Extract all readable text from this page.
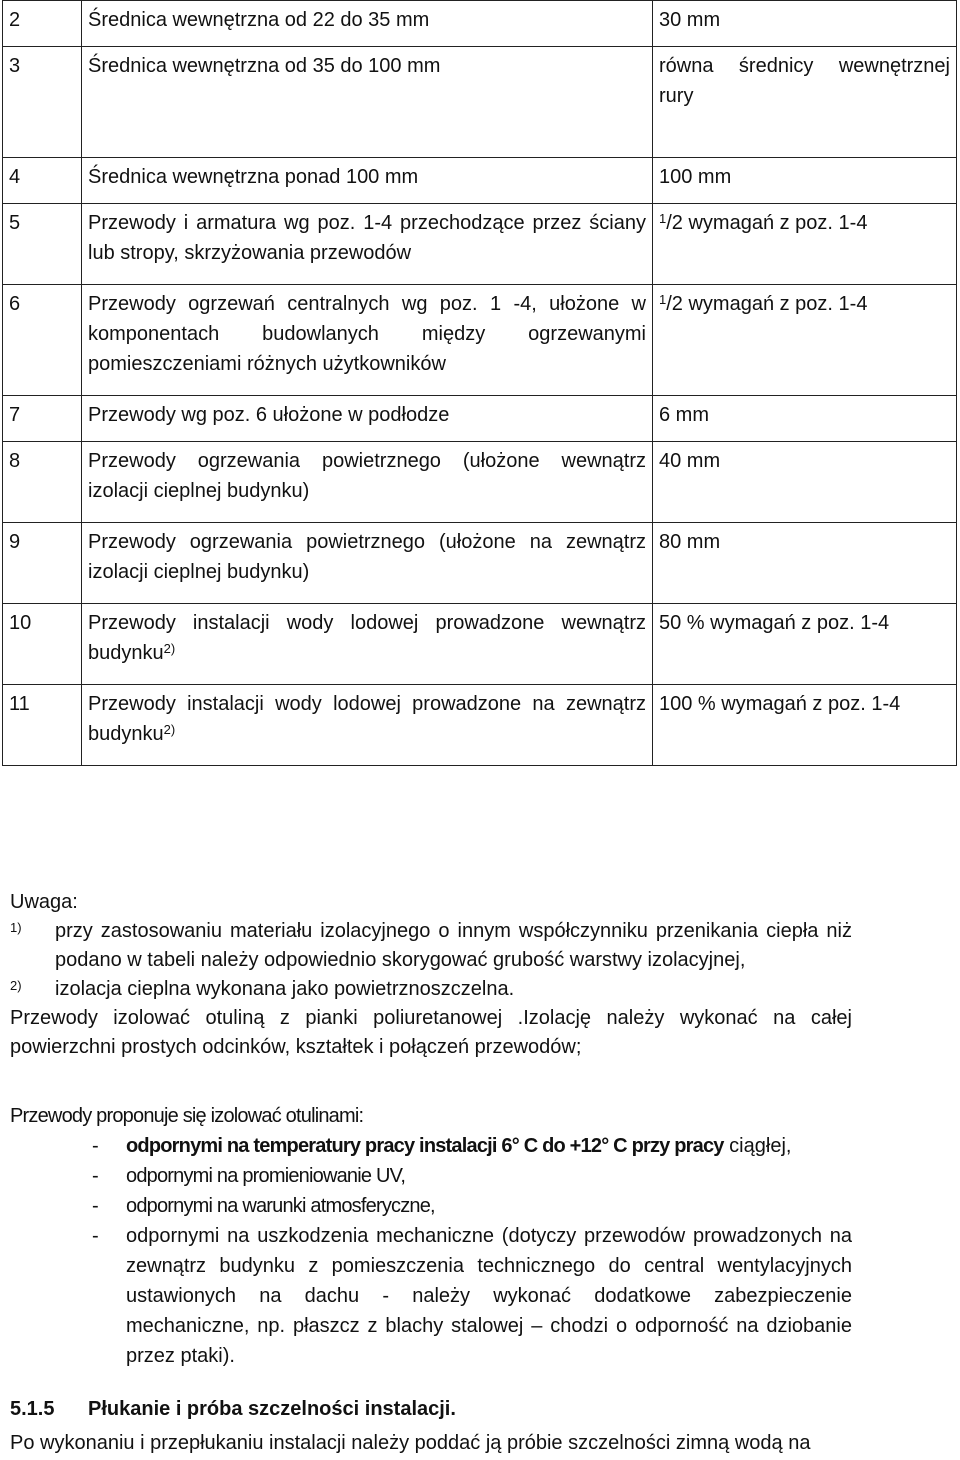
2	Średnica wewnętrzna od 22 do 35 mm	30 mm
3	Średnica wewnętrzna od 35 do 100 mm	równa średnicy wewnętrznej rury

4	Średnica wewnętrzna ponad 100 mm	100 mm
5	Przewody i armatura wg poz. 1-4 przechodzące przez ściany lub stropy, skrzyżowania przewodów	$^1$/2 wymagań z poz. 1-4
6	Przewody ogrzewań centralnych wg poz. 1 -4, ułożone w komponentach budowlanych między ogrzewanymi pomieszczeniami różnych użytkowników	$^1$/2 wymagań z poz. 1-4
7	Przewody wg poz. 6 ułożone w podłodze	6 mm
8	Przewody ogrzewania powietrznego (ułożone wewnątrz izolacji cieplnej budynku)	40 mm
9	Przewody ogrzewania powietrznego (ułożone na zewnątrz izolacji cieplnej budynku)	80 mm
10	Przewody instalacji wody lodowej prowadzone wewnątrz budynku$^{2)}$	50 % wymagań z poz. 1-4
11	Przewody instalacji wody lodowej prowadzone na zewnątrz budynku$^{2)}$	100 % wymagań z poz. 1-4
Uwaga:
$^{1)}$	przy zastosowaniu materiału izolacyjnego o innym współczynniku przenikania ciepła niż podano w tabeli należy odpowiednio skorygować grubość warstwy izolacyjnej,
$^{2)}$	izolacja cieplna wykonana jako powietrznoszczelna.
Przewody izolować otuliną z pianki poliuretanowej .Izolację należy wykonać na całej powierzchni prostych odcinków, kształtek i połączeń przewodów;
Przewody proponuje się izolować otulinami:
-	odpornymi na temperatury pracy instalacji 6° C do +12° C przy pracy ciągłej,
-	odpornymi na promieniowanie UV,
-	odpornymi na warunki atmosferyczne,
-	odpornymi na uszkodzenia mechaniczne (dotyczy przewodów prowadzonych na zewnątrz budynku z pomieszczenia technicznego do central wentylacyjnych ustawionych na dachu - należy wykonać dodatkowe zabezpieczenie mechaniczne, np. płaszcz z blachy stalowej – chodzi o odporność na dziobanie przez ptaki).
5.1.5 Płukanie i próba szczelności instalacji.
Po wykonaniu i przepłukaniu instalacji należy poddać ją próbie szczelności zimną wodą na
